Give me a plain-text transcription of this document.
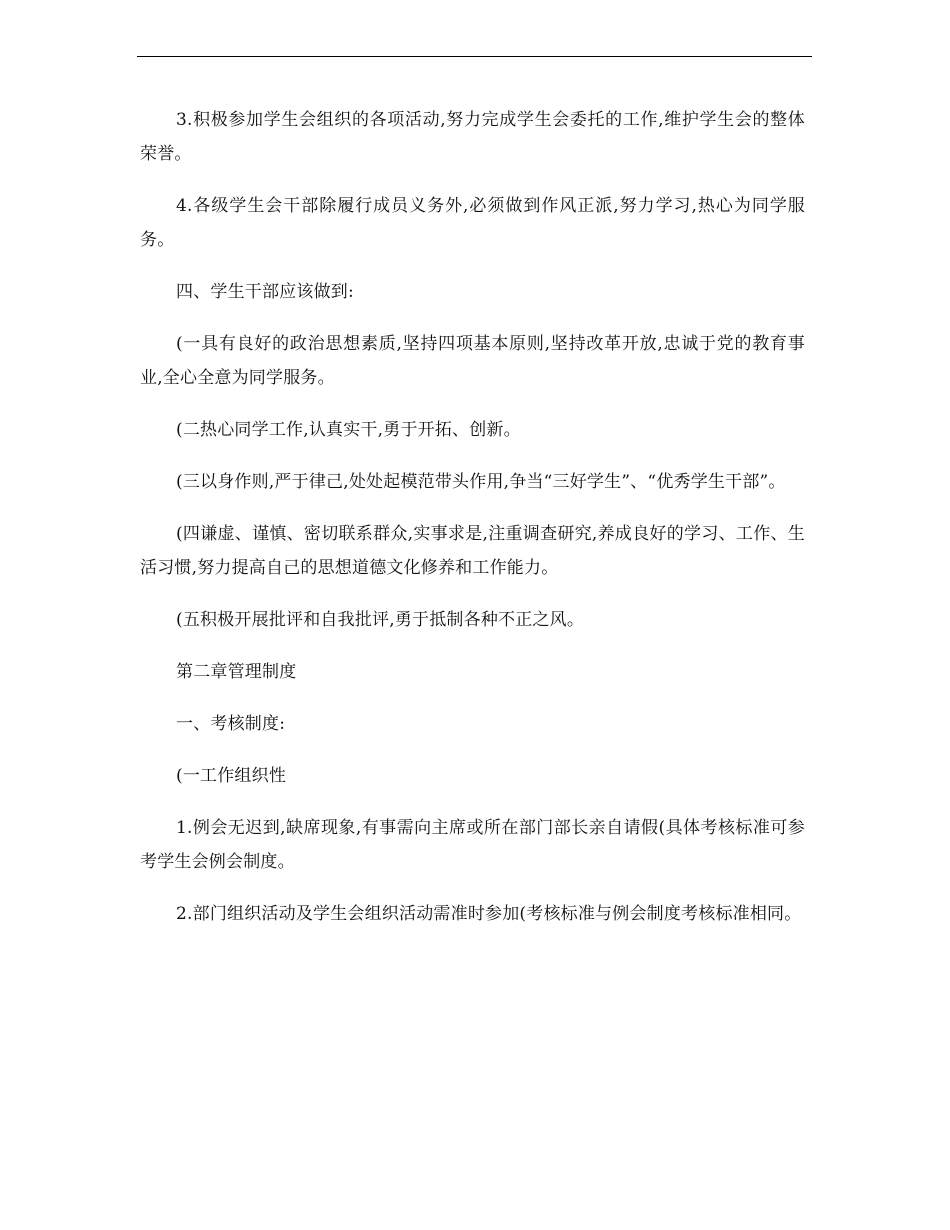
3.积极参加学生会组织的各项活动,努力完成学生会委托的工作,维护学生会的整体荣誉。

4.各级学生会干部除履行成员义务外,必须做到作风正派,努力学习,热心为同学服务。

四、学生干部应该做到:

(一具有良好的政治思想素质,坚持四项基本原则,坚持改革开放,忠诚于党的教育事业,全心全意为同学服务。

(二热心同学工作,认真实干,勇于开拓、创新。

(三以身作则,严于律己,处处起模范带头作用,争当“三好学生”、“优秀学生干部”。

(四谦虚、谨慎、密切联系群众,实事求是,注重调查研究,养成良好的学习、工作、生活习惯,努力提高自己的思想道德文化修养和工作能力。

(五积极开展批评和自我批评,勇于抵制各种不正之风。

第二章管理制度

一、考核制度:

(一工作组织性

1.例会无迟到,缺席现象,有事需向主席或所在部门部长亲自请假(具体考核标准可参考学生会例会制度。

2.部门组织活动及学生会组织活动需准时参加(考核标准与例会制度考核标准相同。
